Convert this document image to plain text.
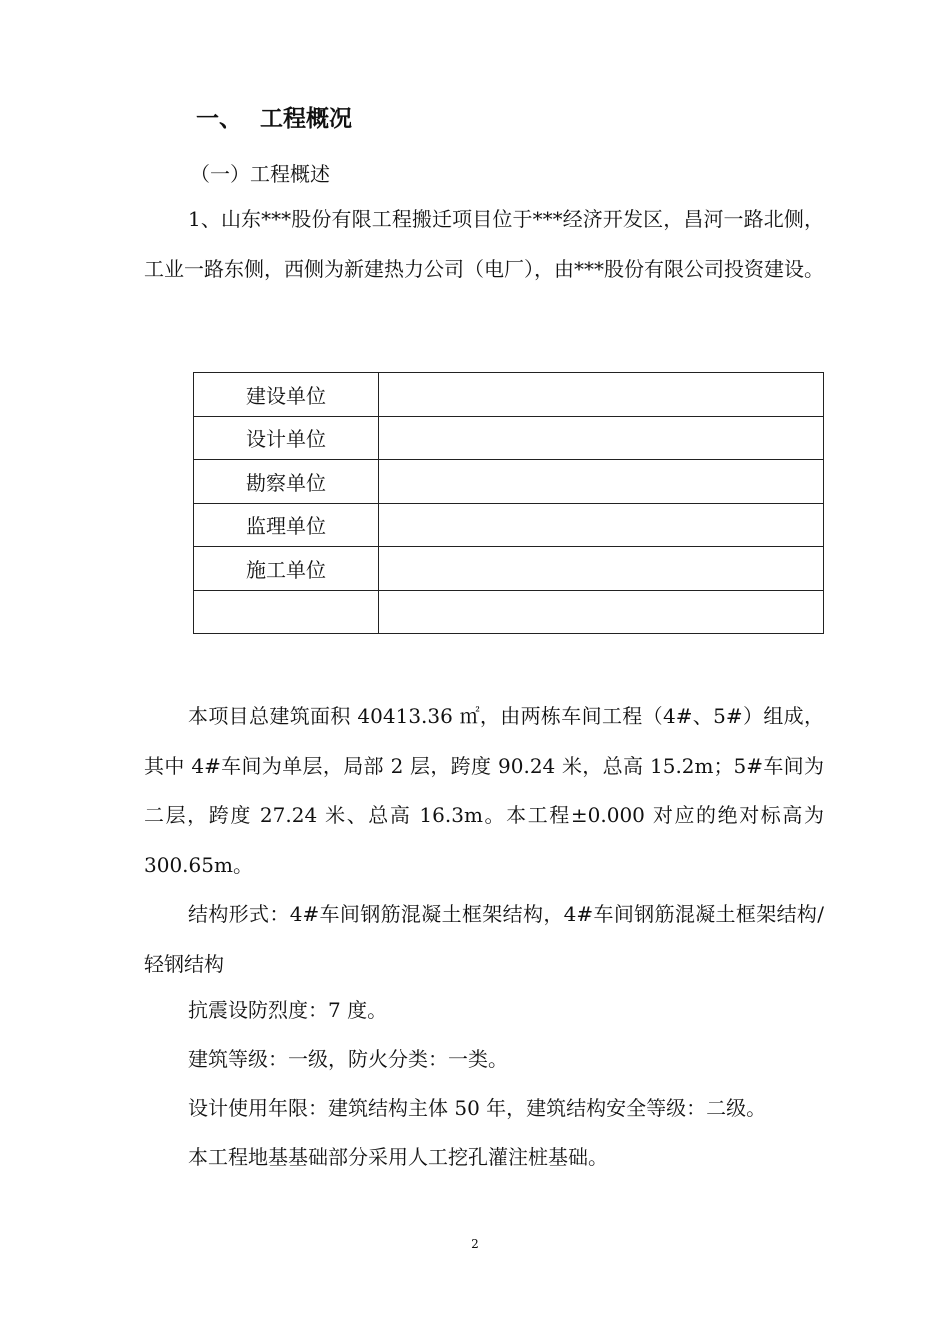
一、 工程概况
（一）工程概述

1、山东***股份有限工程搬迁项目位于***经济开发区，昌河一路北侧，工业一路东侧，西侧为新建热力公司（电厂），由***股份有限公司投资建设。

建设单位	
设计单位	
勘察单位	
监理单位	
施工单位	

本项目总建筑面积 40413.36 ㎡，由两栋车间工程（4#、5#）组成，其中 4#车间为单层，局部 2 层，跨度 90.24 米，总高 15.2m；5#车间为二层，跨度 27.24 米、总高 16.3m。本工程±0.000 对应的绝对标高为 300.65m。

结构形式：4#车间钢筋混凝土框架结构，4#车间钢筋混凝土框架结构/轻钢结构

抗震设防烈度：7 度。
建筑等级：一级，防火分类：一类。
设计使用年限：建筑结构主体 50 年，建筑结构安全等级：二级。
本工程地基基础部分采用人工挖孔灌注桩基础。
2
